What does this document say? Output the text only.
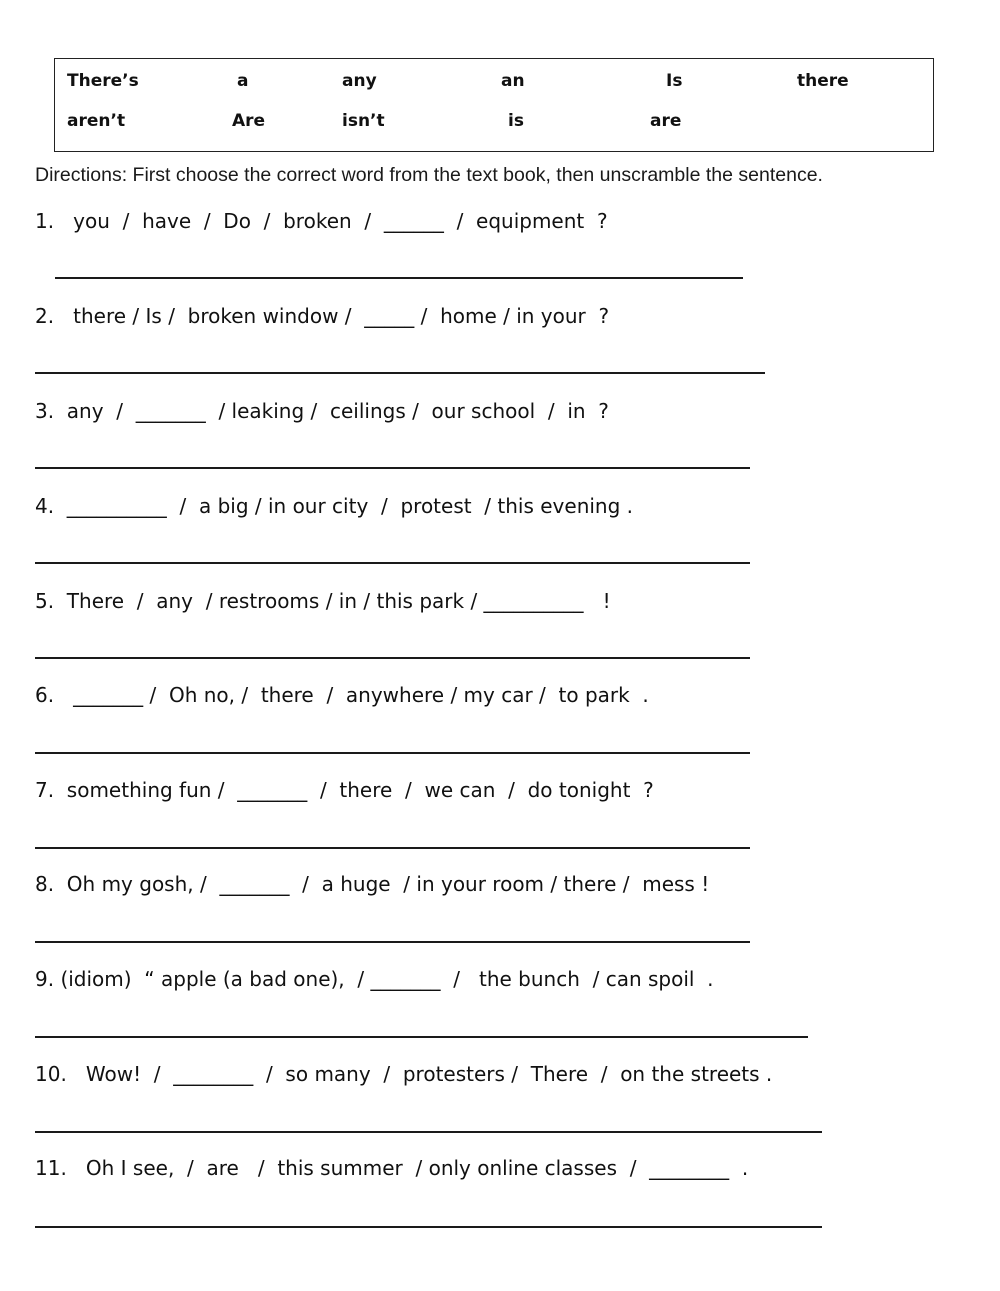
There’s	a	any	an	Is	there
aren’t	Are	isn’t	is	are
Directions: First choose the correct word from the text book, then unscramble the sentence.
1.   you  /  have  /  Do  /  broken  /  ______  /  equipment  ?
2.   there / Is /  broken window /  _____ /  home / in your  ?
3.  any  /  _______  / leaking /  ceilings /  our school  /  in  ?
4.  __________  /  a big / in our city  /  protest  / this evening .
5.  There  /  any  / restrooms / in / this park / __________   !
6.   _______ /  Oh no, /  there  /  anywhere / my car /  to park  .
7.  something fun /  _______  /  there  /  we can  /  do tonight  ?
8.  Oh my gosh, /  _______  /  a huge  / in your room / there /  mess !
9. (idiom)  “ apple (a bad one),  / _______  /   the bunch  / can spoil  .
10.   Wow!  /  ________  /  so many  /  protesters /  There  /  on the streets .
11.   Oh I see,  /  are   /  this summer  / only online classes  /  ________  .
